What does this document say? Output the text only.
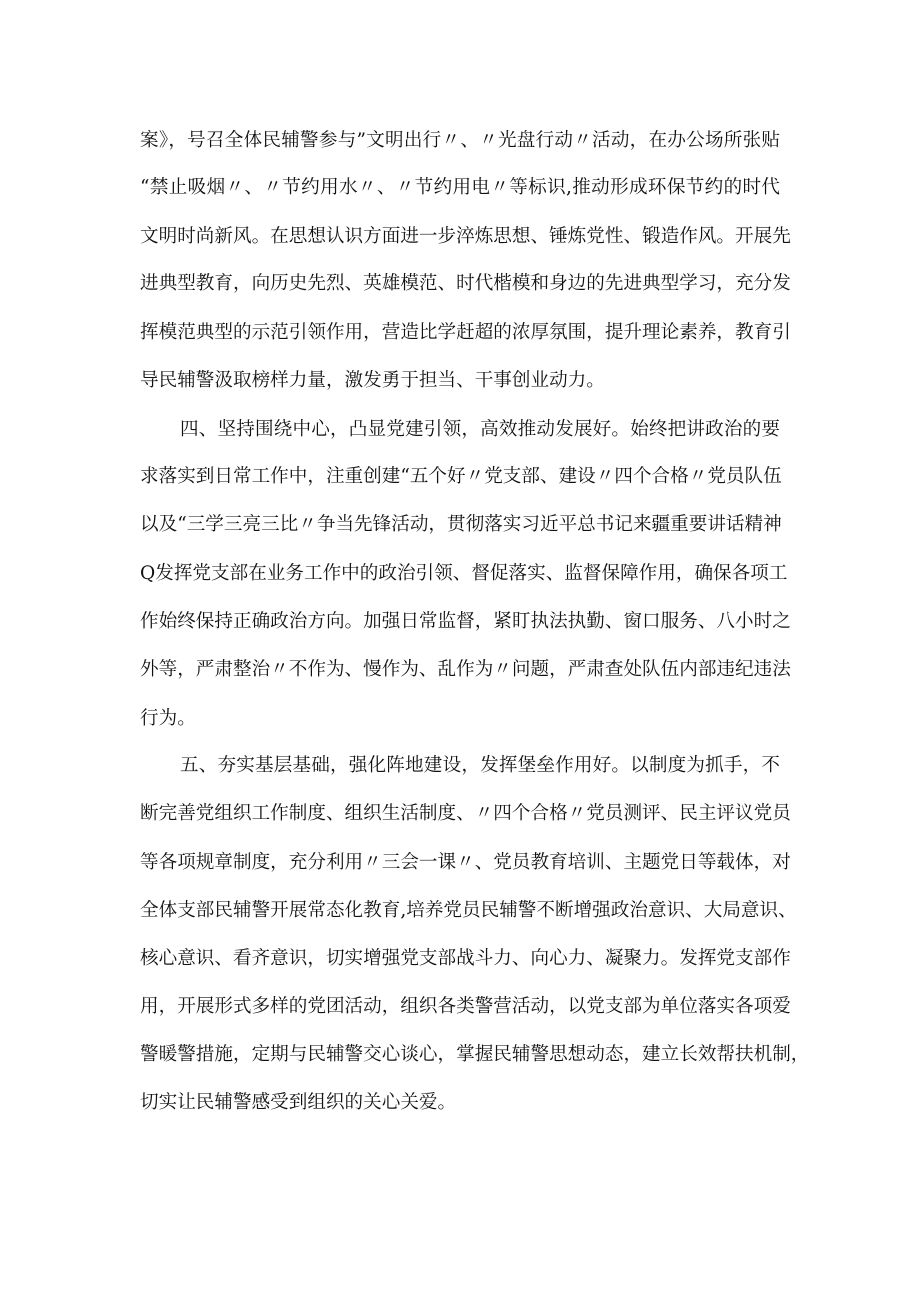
案》，号召全体民辅警参与”文明出行〃、〃光盘行动〃活动，在办公场所张贴
“禁止吸烟〃、〃节约用水〃、〃节约用电〃等标识,推动形成环保节约的时代
文明时尚新风。在思想认识方面进一步淬炼思想、锤炼党性、锻造作风。开展先
进典型教育，向历史先烈、英雄模范、时代楷模和身边的先进典型学习，充分发
挥模范典型的示范引领作用，营造比学赶超的浓厚氛围，提升理论素养，教育引
导民辅警汲取榜样力量，激发勇于担当、干事创业动力。
四、坚持围绕中心，凸显党建引领，高效推动发展好。始终把讲政治的要
求落实到日常工作中，注重创建“五个好〃党支部、建设〃四个合格〃党员队伍
以及“三学三亮三比〃争当先锋活动，贯彻落实习近平总书记来疆重要讲话精神
Q发挥党支部在业务工作中的政治引领、督促落实、监督保障作用，确保各项工
作始终保持正确政治方向。加强日常监督，紧盯执法执勤、窗口服务、八小时之
外等，严肃整治〃不作为、慢作为、乱作为〃问题，严肃查处队伍内部违纪违法
行为。
五、夯实基层基础，强化阵地建设，发挥堡垒作用好。以制度为抓手，不
断完善党组织工作制度、组织生活制度、〃四个合格〃党员测评、民主评议党员
等各项规章制度，充分利用〃三会一课〃、党员教育培训、主题党日等载体，对
全体支部民辅警开展常态化教育,培养党员民辅警不断增强政治意识、大局意识、
核心意识、看齐意识，切实增强党支部战斗力、向心力、凝聚力。发挥党支部作
用，开展形式多样的党团活动，组织各类警营活动，以党支部为单位落实各项爱
警暖警措施，定期与民辅警交心谈心，掌握民辅警思想动态，建立长效帮扶机制，
切实让民辅警感受到组织的关心关爱。
